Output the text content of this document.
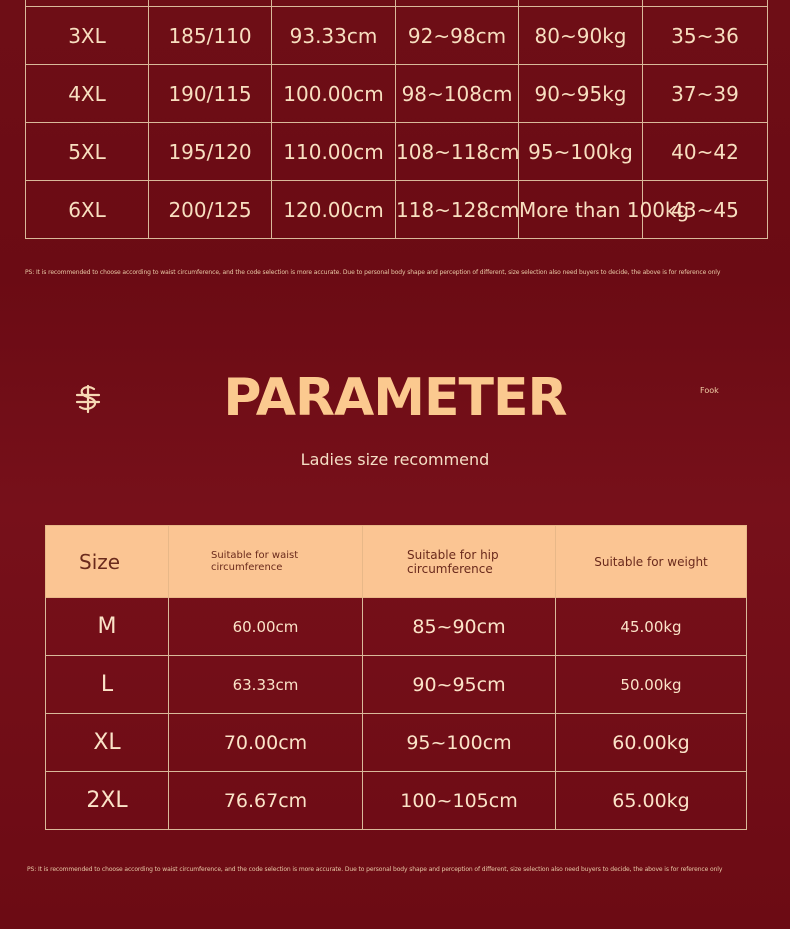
3XL	185/110	93.33cm	92~98cm	80~90kg	35~36
4XL	190/115	100.00cm	98~108cm	90~95kg	37~39
5XL	195/120	110.00cm	108~118cm	95~100kg	40~42
6XL	200/125	120.00cm	118~128cm	More than 100kg	43~45
PS: It is recommended to choose according to waist circumference, and the code selection is more accurate. Due to personal body shape and perception of different, size selection also need buyers to decide, the above is for reference only
Fook
PARAMETER
Ladies size recommend
Size	Suitable for waist circumference	Suitable for hip circumference	Suitable for weight
M	60.00cm	85~90cm	45.00kg
L	63.33cm	90~95cm	50.00kg
XL	70.00cm	95~100cm	60.00kg
2XL	76.67cm	100~105cm	65.00kg
PS: It is recommended to choose according to waist circumference, and the code selection is more accurate. Due to personal body shape and perception of different, size selection also need buyers to decide, the above is for reference only
